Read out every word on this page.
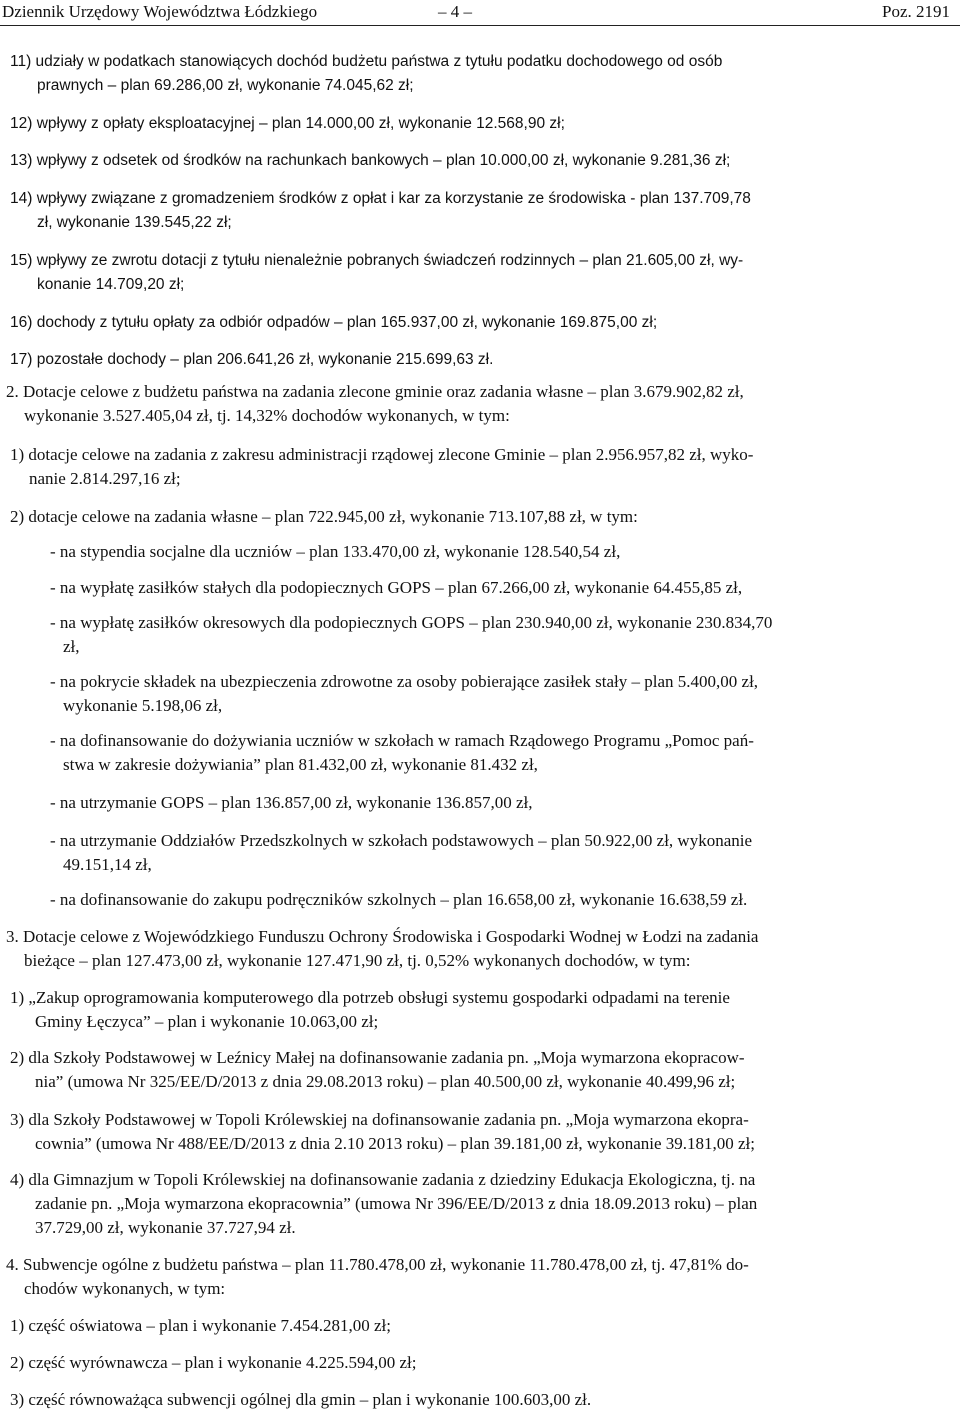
Dziennik Urzędowy Województwa Łódzkiego	– 4 –	Poz. 2191
11) udziały w podatkach stanowiących dochód budżetu państwa z tytułu podatku dochodowego od osób
prawnych – plan 69.286,00 zł, wykonanie 74.045,62 zł;
12) wpływy z opłaty eksploatacyjnej – plan 14.000,00 zł, wykonanie 12.568,90 zł;
13) wpływy z odsetek od środków na rachunkach bankowych – plan 10.000,00 zł, wykonanie 9.281,36 zł;
14) wpływy związane z gromadzeniem środków z opłat i kar za korzystanie ze środowiska - plan 137.709,78
zł, wykonanie 139.545,22 zł;
15) wpływy ze zwrotu dotacji z tytułu nienależnie pobranych świadczeń rodzinnych – plan 21.605,00 zł, wy-
konanie 14.709,20 zł;
16) dochody z tytułu opłaty za odbiór odpadów – plan 165.937,00 zł, wykonanie 169.875,00 zł;
17) pozostałe dochody – plan 206.641,26 zł, wykonanie 215.699,63 zł.
2. Dotacje celowe z budżetu państwa na zadania zlecone gminie oraz zadania własne – plan 3.679.902,82 zł,
wykonanie 3.527.405,04 zł, tj. 14,32% dochodów wykonanych, w tym:
1) dotacje celowe na zadania z zakresu administracji rządowej zlecone Gminie – plan 2.956.957,82 zł, wyko-
nanie 2.814.297,16 zł;
2) dotacje celowe na zadania własne – plan 722.945,00 zł, wykonanie 713.107,88 zł, w tym:
- na stypendia socjalne dla uczniów – plan 133.470,00 zł, wykonanie 128.540,54 zł,
- na wypłatę zasiłków stałych dla podopiecznych GOPS – plan 67.266,00 zł, wykonanie 64.455,85 zł,
- na wypłatę zasiłków okresowych dla podopiecznych GOPS – plan 230.940,00 zł, wykonanie 230.834,70
zł,
- na pokrycie składek na ubezpieczenia zdrowotne za osoby pobierające zasiłek stały – plan 5.400,00 zł,
wykonanie 5.198,06 zł,
- na dofinansowanie do dożywiania uczniów w szkołach w ramach Rządowego Programu „Pomoc pań-
stwa w zakresie dożywiania” plan 81.432,00 zł, wykonanie 81.432 zł,
- na utrzymanie GOPS – plan 136.857,00 zł, wykonanie 136.857,00 zł,
- na utrzymanie Oddziałów Przedszkolnych w szkołach podstawowych – plan 50.922,00 zł, wykonanie
49.151,14 zł,
- na dofinansowanie do zakupu podręczników szkolnych – plan 16.658,00 zł, wykonanie 16.638,59 zł.
3. Dotacje celowe z Wojewódzkiego Funduszu Ochrony Środowiska i Gospodarki Wodnej w Łodzi na zadania
bieżące – plan 127.473,00 zł, wykonanie 127.471,90 zł, tj. 0,52% wykonanych dochodów, w tym:
1) „Zakup oprogramowania komputerowego dla potrzeb obsługi systemu gospodarki odpadami na terenie
Gminy Łęczyca” – plan i wykonanie 10.063,00 zł;
2) dla Szkoły Podstawowej w Leźnicy Małej na dofinansowanie zadania pn. „Moja wymarzona ekopracow-
nia” (umowa Nr 325/EE/D/2013 z dnia 29.08.2013 roku) – plan 40.500,00 zł, wykonanie 40.499,96 zł;
3) dla Szkoły Podstawowej w Topoli Królewskiej na dofinansowanie zadania pn. „Moja wymarzona ekopra-
cownia” (umowa Nr 488/EE/D/2013 z dnia 2.10 2013 roku) – plan 39.181,00 zł, wykonanie 39.181,00 zł;
4) dla Gimnazjum w Topoli Królewskiej na dofinansowanie zadania z dziedziny Edukacja Ekologiczna, tj. na
zadanie pn. „Moja wymarzona ekopracownia” (umowa Nr 396/EE/D/2013 z dnia 18.09.2013 roku) – plan
37.729,00 zł, wykonanie 37.727,94 zł.
4. Subwencje ogólne z budżetu państwa – plan 11.780.478,00 zł, wykonanie 11.780.478,00 zł, tj. 47,81% do-
chodów wykonanych, w tym:
1) część oświatowa – plan i wykonanie 7.454.281,00 zł;
2) część wyrównawcza – plan i wykonanie 4.225.594,00 zł;
3) część równoważąca subwencji ogólnej dla gmin – plan i wykonanie 100.603,00 zł.
